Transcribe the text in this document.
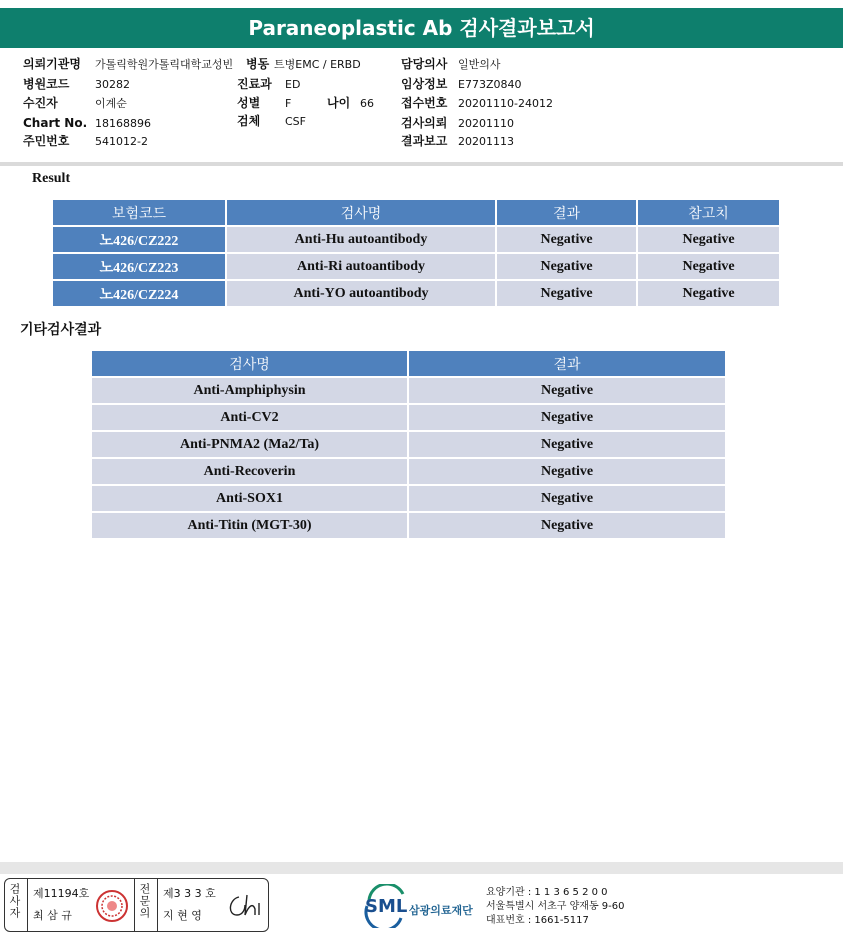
Paraneoplastic Ab 검사결과보고서
의뢰기관명 가톨릭학원가톨릭대학교성빈 병동 트병EMC / ERBD	담당의사 일반의사
병원코드 30282	진료과 ED	임상정보 E773Z0840
수진자	이계순	성별 F	나이 66 접수번호 20201110-24012
Chart No. 18168896	검체 CSF	검사의뢰 20201110
주민번호 541012-2	결과보고 20201113
Result
보험코드	검사명	결과	참고치
노426/CZ222	Anti-Hu autoantibody	Negative	Negative
노426/CZ223	Anti-Ri autoantibody	Negative	Negative
노426/CZ224	Anti-YO autoantibody	Negative	Negative
기타검사결과
검사명	결과
Anti-Amphiphysin	Negative
Anti-CV2	Negative
Anti-PNMA2 (Ma2/Ta)	Negative
Anti-Recoverin	Negative
Anti-SOX1	Negative
Anti-Titin (MGT-30)	Negative
검사자 제11194호
최 삼 규	전문의 제3 3 3 호
지 현 영	SML 삼광의료재단
요양기관 : 1 1 3 6 5 2 0 0
서울특별시 서초구 양재동 9-60
대표번호 : 1661-5117
